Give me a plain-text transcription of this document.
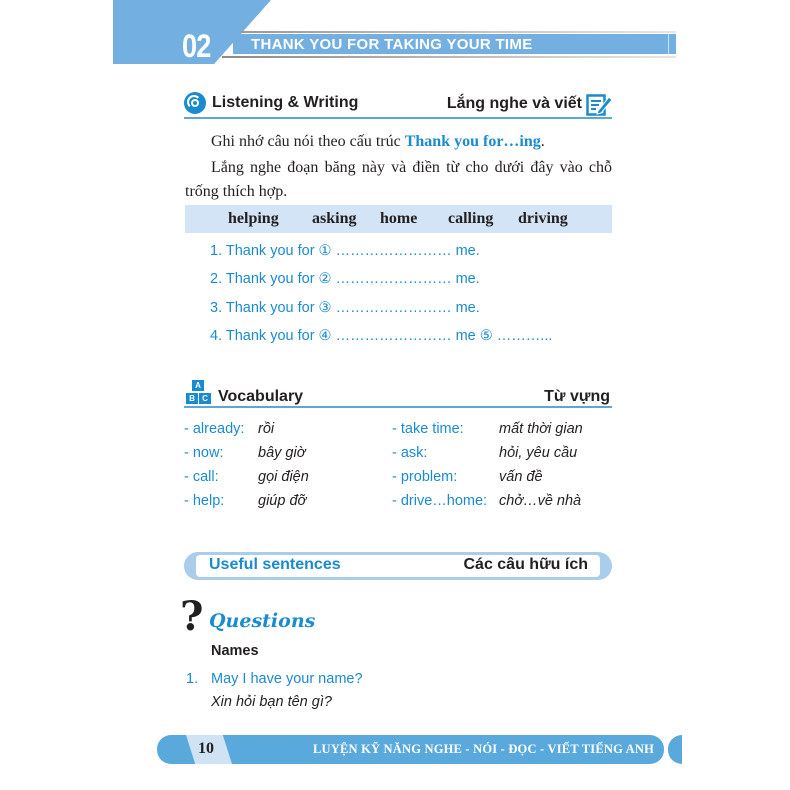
02	THANK YOU FOR TAKING YOUR TIME
Listening & Writing	Lắng nghe và viết
Ghi nhớ câu nói theo cấu trúc Thank you for…ing.
Lắng nghe đoạn băng này và điền từ cho dưới đây vào chỗ trống thích hợp.
helping asking home calling driving
1. Thank you for ① …………………… me.
2. Thank you for ② …………………… me.
3. Thank you for ③ …………………… me.
4. Thank you for ④ …………………… me ⑤ ………...
A
B C Vocabulary	Từ vựng
- already: rồi
- now: bây giờ
- call:	gọi điện
- help: giúp đỡ
- take time: mất thời gian
- ask:	hỏi, yêu cầu
- problem:	vấn đề
- drive…home: chở…về nhà
Useful sentences	Các câu hữu ích
? Questions
Names
1. May I have your name?
Xin hỏi bạn tên gì?
10	LUYỆN KỸ NĂNG NGHE - NÓI - ĐỌC - VIẾT TIẾNG ANH
